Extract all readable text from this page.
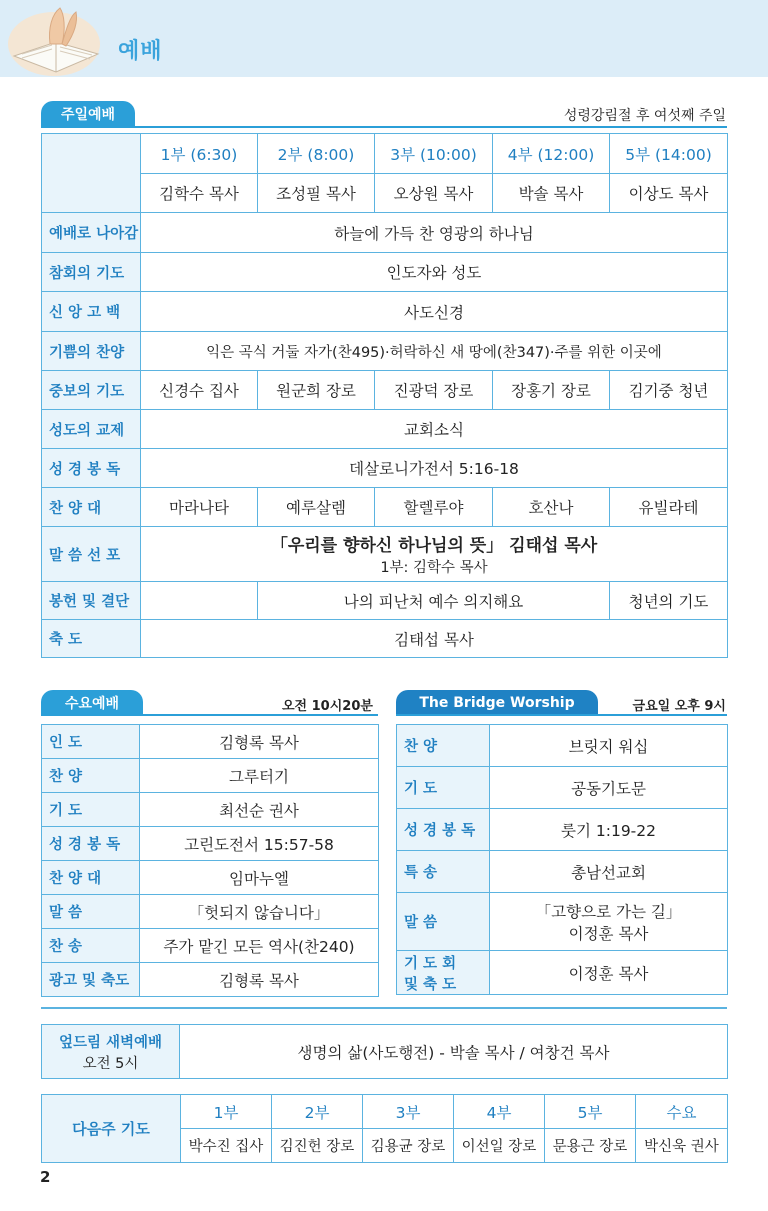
예배
주일예배	성령강림절 후 여섯째 주일
	1부 (6:30)	2부 (8:00)	3부 (10:00)	4부 (12:00)	5부 (14:00)
	김학수 목사	조성필 목사	오상원 목사	박솔 목사	이상도 목사
예배로 나아감	하늘에 가득 찬 영광의 하나님				
참회의 기도	인도자와 성도				
신 앙 고 백	사도신경				
기쁨의 찬양	익은 곡식 거둘 자가(찬495)·허락하신 새 땅에(찬347)·주를 위한 이곳에				
중보의 기도	신경수 집사	원군희 장로	진광덕 장로	장홍기 장로	김기중 청년
성도의 교제	교회소식				
성 경 봉 독	데살로니가전서 5:16-18				
찬 양 대	마라나타	예루살렘	할렐루야	호산나	유빌라테
말 씀 선 포	「우리를 향하신 하나님의 뜻」 김태섭 목사
1부: 김학수 목사				

봉헌 및 결단		나의 피난처 예수 의지해요			청년의 기도
축 도	김태섭 목사				
수요예배	오전 10시20분
인 도	김형록 목사
찬 양	그루터기
기 도	최선순 권사
성 경 봉 독	고린도전서 15:57-58
찬 양 대	임마누엘
말 씀	「헛되지 않습니다」
찬 송	주가 맡긴 모든 역사(찬240)
광고 및 축도	김형록 목사
The Bridge Worship	금요일 오후 9시
찬 양	브릿지 워십
기 도	공동기도문
성 경 봉 독	룻기 1:19-22
특 송	총남선교회
말 씀	「고향으로 가는 길」
이정훈 목사

기 도 회
및 축 도	이정훈 목사
엎드림 새벽예배
오전 5시
	생명의 삶(사도행전) - 박솔 목사 / 여창건 목사
다음주 기도	1부	2부	3부	4부	5부	수요
	박수진 집사	김진헌 장로	김용균 장로	이선일 장로	문용근 장로	박신욱 권사
2
